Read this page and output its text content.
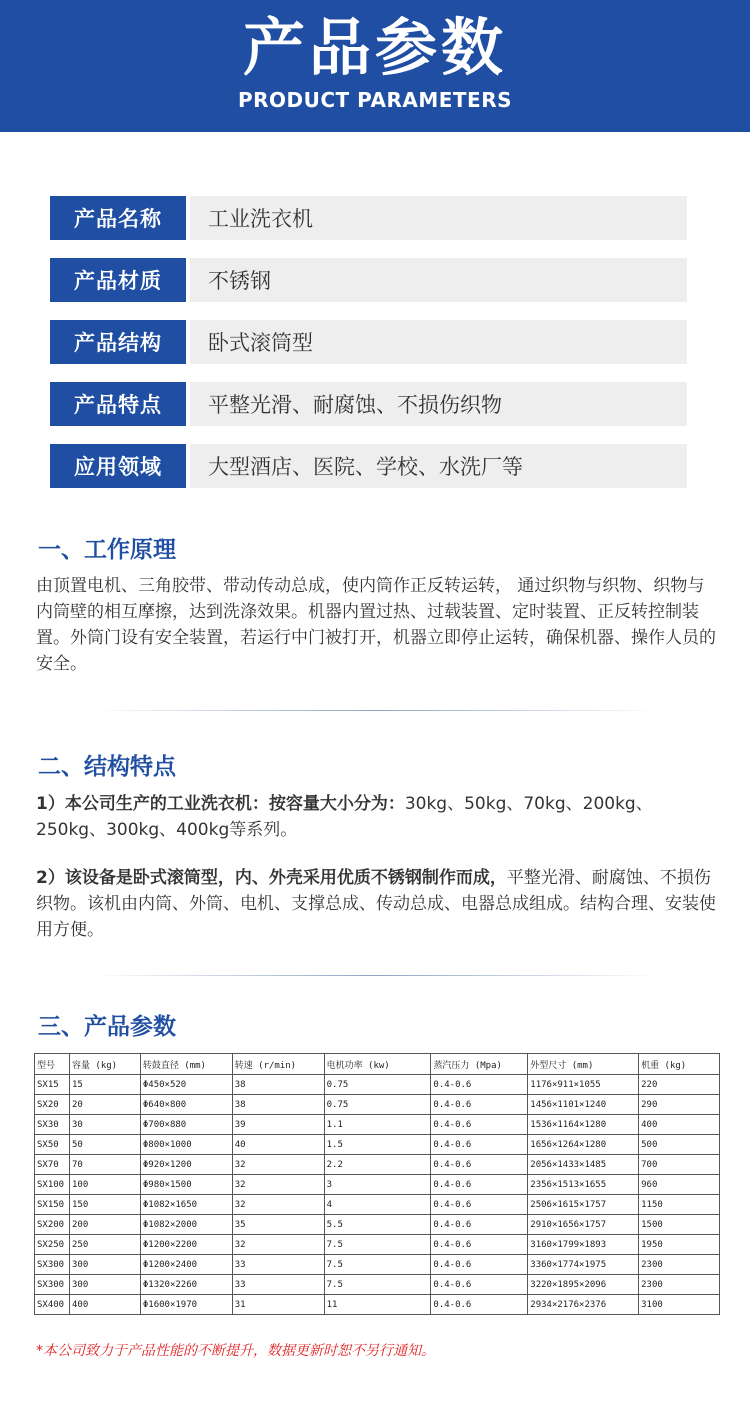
产品参数
PRODUCT PARAMETERS
产品名称	工业洗衣机
产品材质	不锈钢
产品结构	卧式滚筒型
产品特点	平整光滑、耐腐蚀、不损伤织物
应用领域	大型酒店、医院、学校、水洗厂等
一、工作原理
由顶置电机、三角胶带、带动传动总成，使内筒作正反转运转， 通过织物与织物、织物与内筒壁的相互摩擦，达到洗涤效果。机器内置过热、过载装置、定时装置、正反转控制装置。外筒门设有安全装置，若运行中门被打开，机器立即停止运转，确保机器、操作人员的安全。
二、结构特点
1）本公司生产的工业洗衣机：按容量大小分为：30kg、50kg、70kg、200kg、250kg、300kg、400kg等系列。
2）该设备是卧式滚筒型，内、外壳采用优质不锈钢制作而成，平整光滑、耐腐蚀、不损伤织物。该机由内筒、外筒、电机、支撑总成、传动总成、电器总成组成。结构合理、安装使用方便。
三、产品参数
型号	容量 (kg)	转鼓直径 (mm)	转速 (r/min)	电机功率 (kw)	蒸汽压力 (Mpa)	外型尺寸 (mm)	机重 (kg)
SX15	15	Φ450×520	38	0.75	0.4-0.6	1176×911×1055	220
SX20	20	Φ640×800	38	0.75	0.4-0.6	1456×1101×1240	290
SX30	30	Φ700×880	39	1.1	0.4-0.6	1536×1164×1280	400
SX50	50	Φ800×1000	40	1.5	0.4-0.6	1656×1264×1280	500
SX70	70	Φ920×1200	32	2.2	0.4-0.6	2056×1433×1485	700
SX100	100	Φ980×1500	32	3	0.4-0.6	2356×1513×1655	960
SX150	150	Φ1082×1650	32	4	0.4-0.6	2506×1615×1757	1150
SX200	200	Φ1082×2000	35	5.5	0.4-0.6	2910×1656×1757	1500
SX250	250	Φ1200×2200	32	7.5	0.4-0.6	3160×1799×1893	1950
SX300	300	Φ1200×2400	33	7.5	0.4-0.6	3360×1774×1975	2300
SX300	300	Φ1320×2260	33	7.5	0.4-0.6	3220×1895×2096	2300
SX400	400	Φ1600×1970	31	11	0.4-0.6	2934×2176×2376	3100
*本公司致力于产品性能的不断提升，数据更新时恕不另行通知。
